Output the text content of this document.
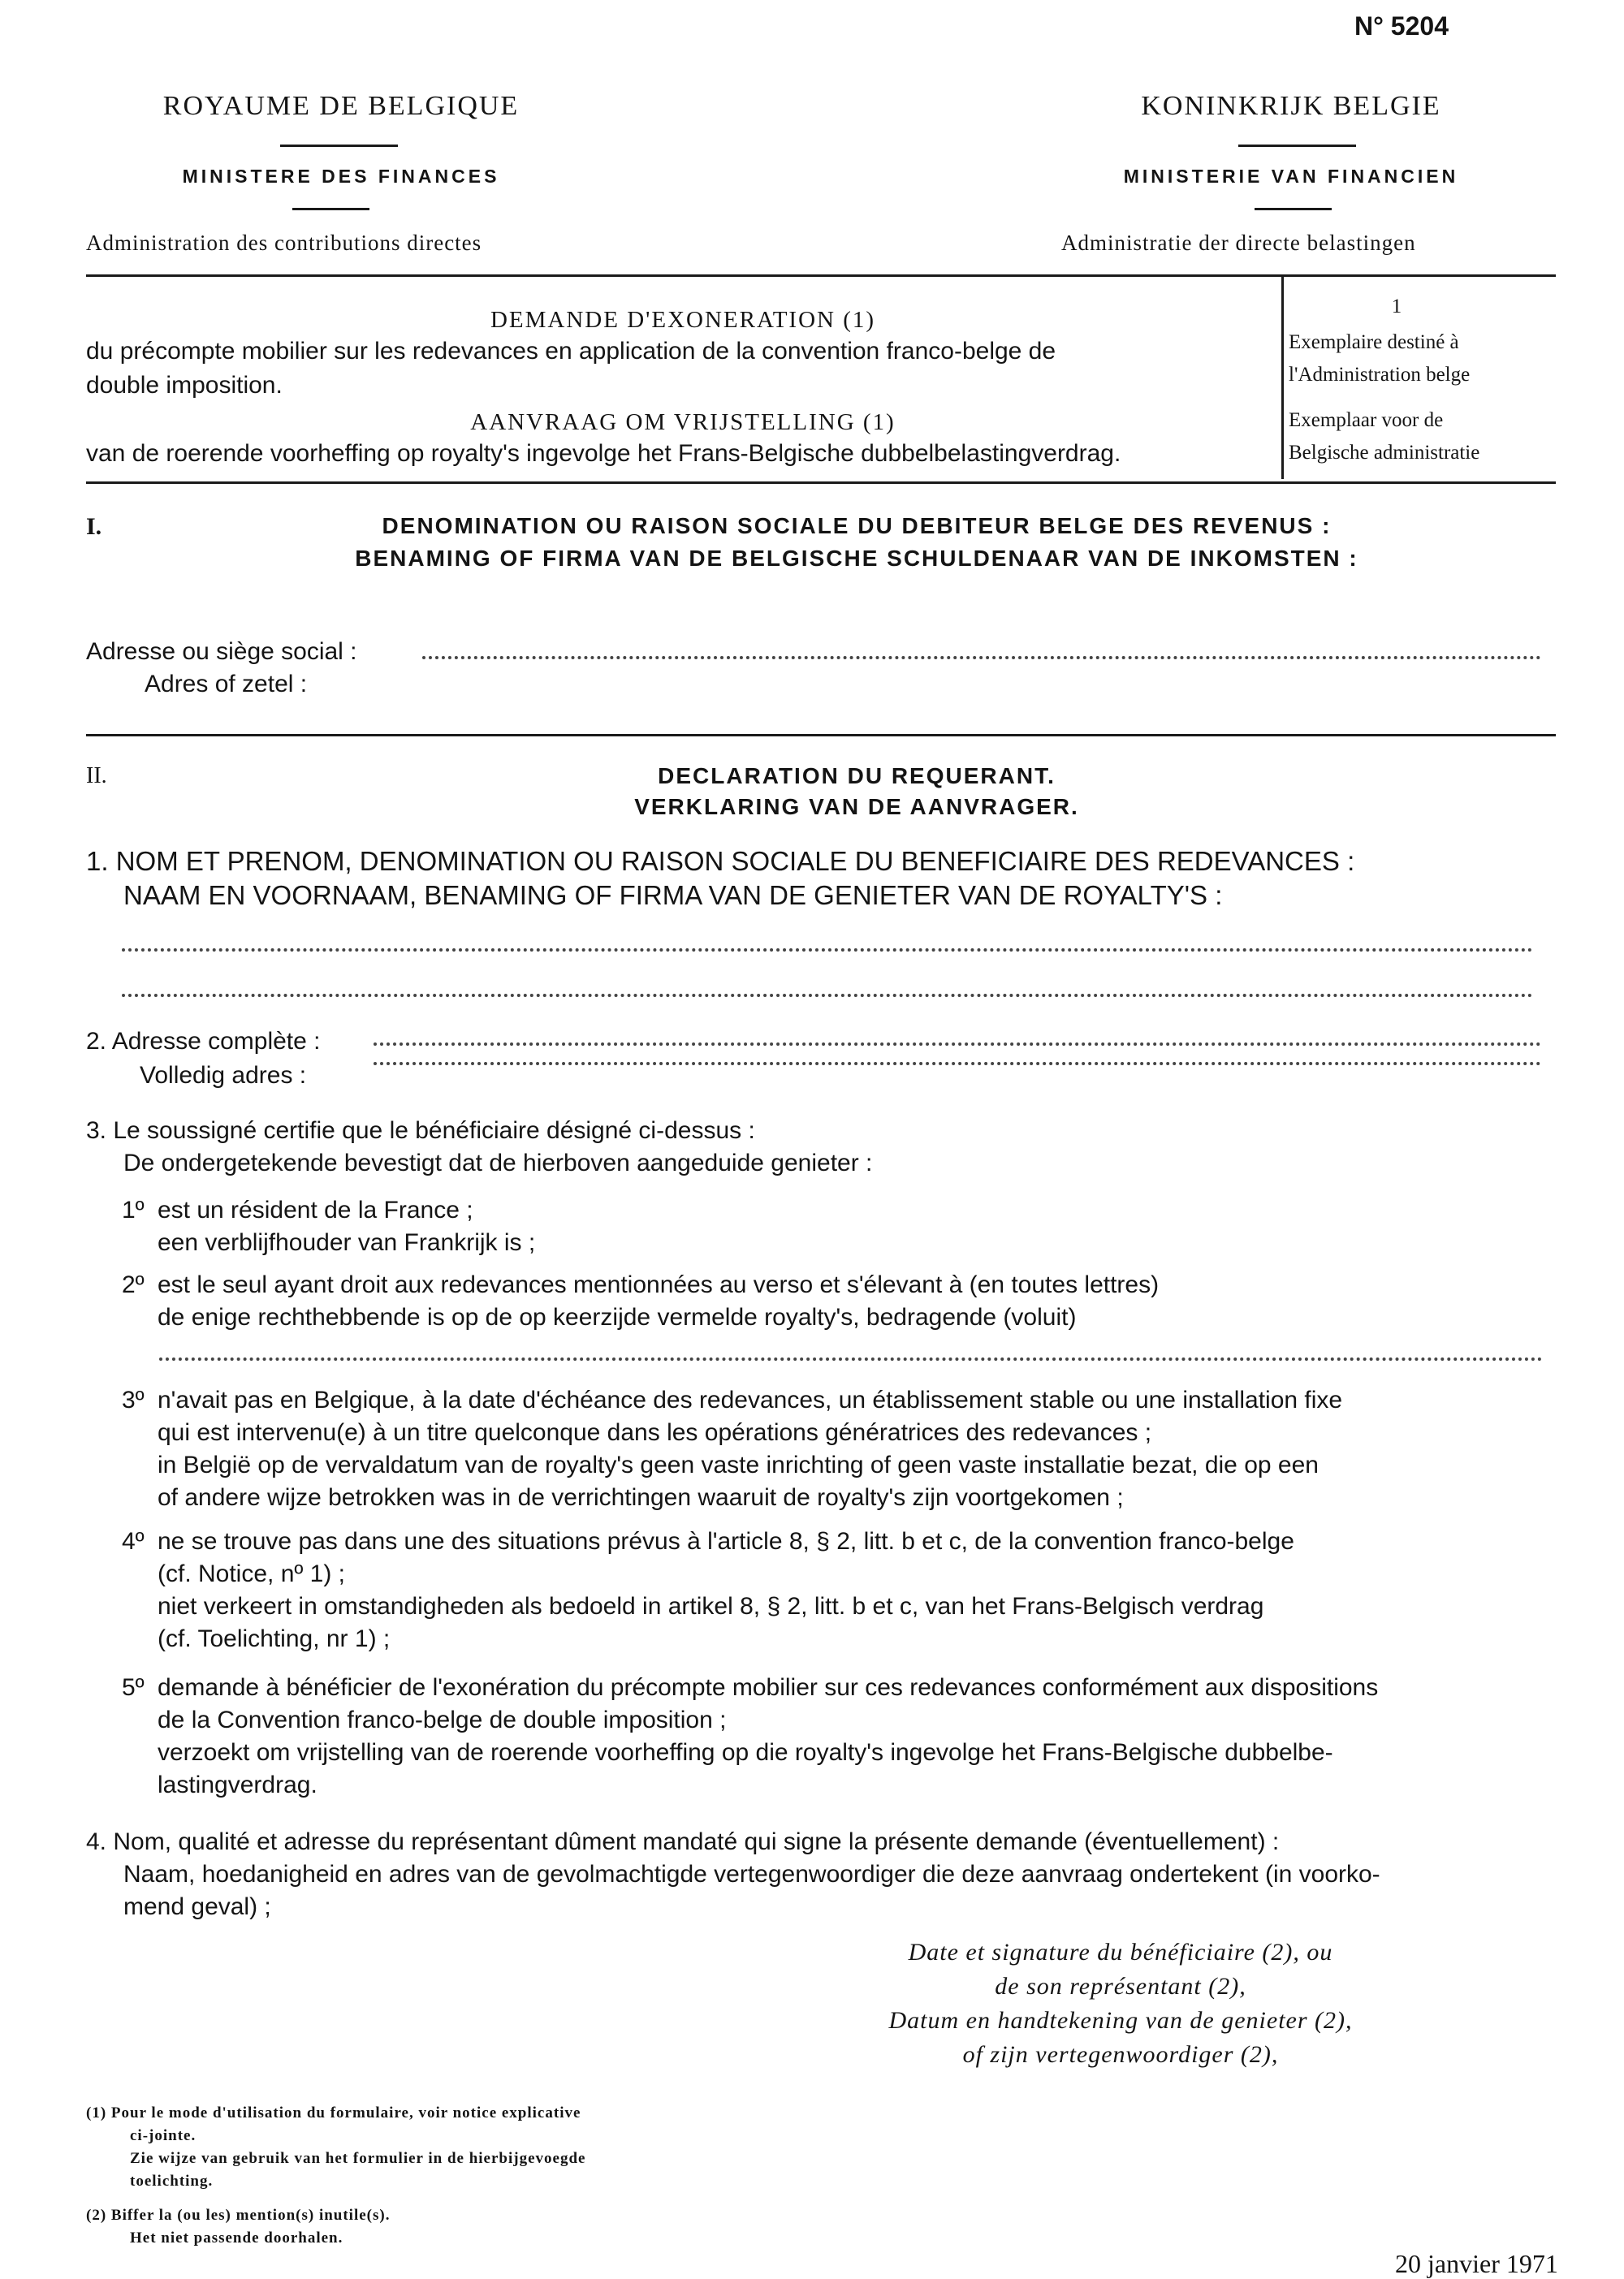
N° 5204
ROYAUME DE BELGIQUE
MINISTERE DES FINANCES
Administration des contributions directes
KONINKRIJK BELGIE
MINISTERIE VAN FINANCIEN
Administratie der directe belastingen
DEMANDE D'EXONERATION (1)
du précompte mobilier sur les redevances en application de la convention franco-belge de
double imposition.
AANVRAAG OM VRIJSTELLING (1)
van de roerende voorheffing op royalty's ingevolge het Frans-Belgische dubbelbelastingverdrag.
1
Exemplaire destiné à
l'Administration belge
Exemplaar voor de
Belgische administratie
I.	DENOMINATION OU RAISON SOCIALE DU DEBITEUR BELGE DES REVENUS :
BENAMING OF FIRMA VAN DE BELGISCHE SCHULDENAAR VAN DE INKOMSTEN :
Adresse ou siège social :
Adres of zetel :
II.	DECLARATION DU REQUERANT.
VERKLARING VAN DE AANVRAGER.
1. NOM ET PRENOM, DENOMINATION OU RAISON SOCIALE DU BENEFICIAIRE DES REDEVANCES :
NAAM EN VOORNAAM, BENAMING OF FIRMA VAN DE GENIETER VAN DE ROYALTY'S :
2. Adresse complète :
Volledig adres :
3. Le soussigné certifie que le bénéficiaire désigné ci-dessus :
De ondergetekende bevestigt dat de hierboven aangeduide genieter :
1º est un résident de la France ;
een verblijfhouder van Frankrijk is ;
2º est le seul ayant droit aux redevances mentionnées au verso et s'élevant à (en toutes lettres)
de enige rechthebbende is op de op keerzijde vermelde royalty's, bedragende (voluit)
3º n'avait pas en Belgique, à la date d'échéance des redevances, un établissement stable ou une installation fixe
qui est intervenu(e) à un titre quelconque dans les opérations génératrices des redevances ;
in België op de vervaldatum van de royalty's geen vaste inrichting of geen vaste installatie bezat, die op een
of andere wijze betrokken was in de verrichtingen waaruit de royalty's zijn voortgekomen ;
4º ne se trouve pas dans une des situations prévus à l'article 8, § 2, litt. b et c, de la convention franco-belge
(cf. Notice, nº 1) ;
niet verkeert in omstandigheden als bedoeld in artikel 8, § 2, litt. b et c, van het Frans-Belgisch verdrag
(cf. Toelichting, nr 1) ;
5º demande à bénéficier de l'exonération du précompte mobilier sur ces redevances conformément aux dispositions
de la Convention franco-belge de double imposition ;
verzoekt om vrijstelling van de roerende voorheffing op die royalty's ingevolge het Frans-Belgische dubbelbe-
lastingverdrag.
4. Nom, qualité et adresse du représentant dûment mandaté qui signe la présente demande (éventuellement) :
Naam, hoedanigheid en adres van de gevolmachtigde vertegenwoordiger die deze aanvraag ondertekent (in voorko-
mend geval) ;
Date et signature du bénéficiaire (2), ou
de son représentant (2),
Datum en handtekening van de genieter (2),
of zijn vertegenwoordiger (2),
(1) Pour le mode d'utilisation du formulaire, voir notice explicative
ci-jointe.
Zie wijze van gebruik van het formulier in de hierbijgevoegde
toelichting.
(2) Biffer la (ou les) mention(s) inutile(s).
Het niet passende doorhalen.
20 janvier 1971
